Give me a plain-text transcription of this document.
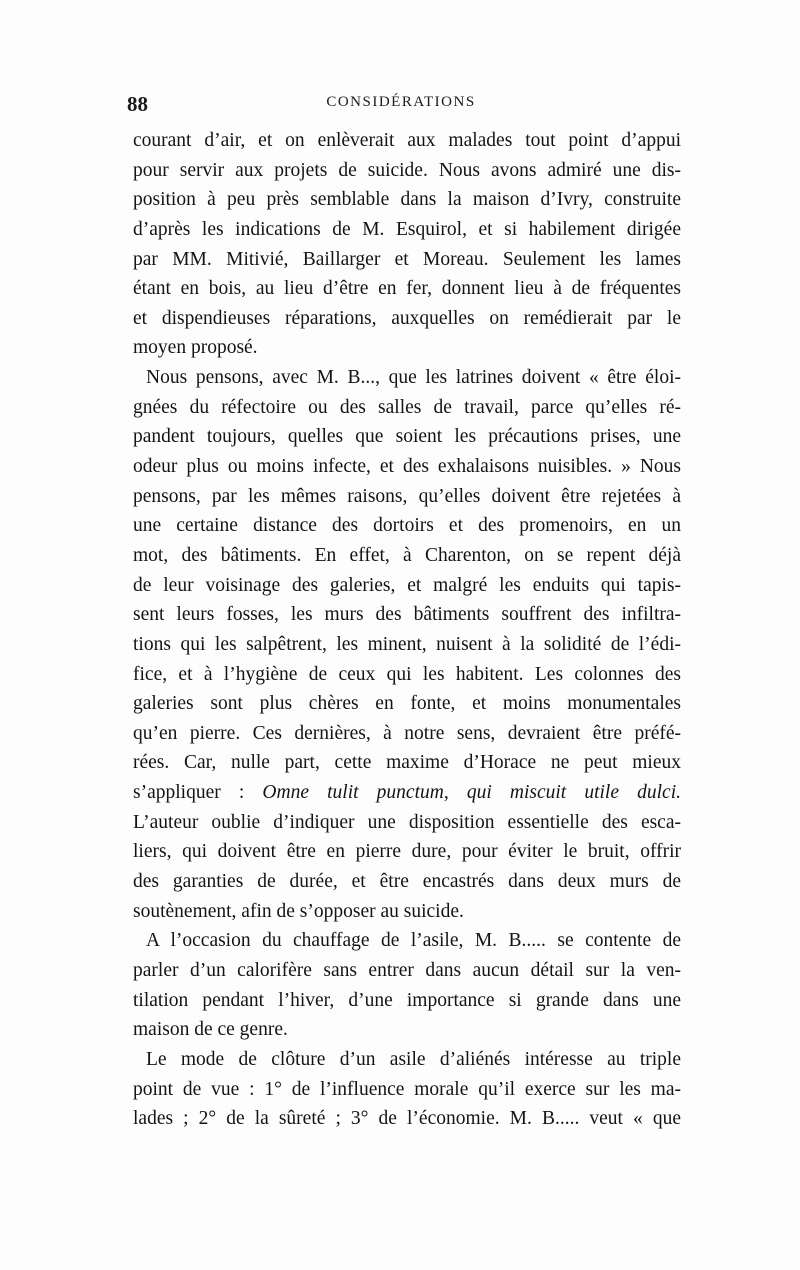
88	CONSIDÉRATIONS
courant d’air, et on enlèverait aux malades tout point d’appui
pour servir aux projets de suicide. Nous avons admiré une dis-
position à peu près semblable dans la maison d’Ivry, construite
d’après les indications de M. Esquirol, et si habilement dirigée
par MM. Mitivié, Baillarger et Moreau. Seulement les lames
étant en bois, au lieu d’être en fer, donnent lieu à de fréquentes
et dispendieuses réparations, auxquelles on remédierait par le
moyen proposé.
Nous pensons, avec M. B..., que les latrines doivent « être éloi-
gnées du réfectoire ou des salles de travail, parce qu’elles ré-
pandent toujours, quelles que soient les précautions prises, une
odeur plus ou moins infecte, et des exhalaisons nuisibles. » Nous
pensons, par les mêmes raisons, qu’elles doivent être rejetées à
une certaine distance des dortoirs et des promenoirs, en un
mot, des bâtiments. En effet, à Charenton, on se repent déjà
de leur voisinage des galeries, et malgré les enduits qui tapis-
sent leurs fosses, les murs des bâtiments souffrent des infiltra-
tions qui les salpêtrent, les minent, nuisent à la solidité de l’édi-
fice, et à l’hygiène de ceux qui les habitent. Les colonnes des
galeries sont plus chères en fonte, et moins monumentales
qu’en pierre. Ces dernières, à notre sens, devraient être préfé-
rées. Car, nulle part, cette maxime d’Horace ne peut mieux
s’appliquer : Omne tulit punctum, qui miscuit utile dulci.
L’auteur oublie d’indiquer une disposition essentielle des esca-
liers, qui doivent être en pierre dure, pour éviter le bruit, offrir
des garanties de durée, et être encastrés dans deux murs de
soutènement, afin de s’opposer au suicide.
A l’occasion du chauffage de l’asile, M. B..... se contente de
parler d’un calorifère sans entrer dans aucun détail sur la ven-
tilation pendant l’hiver, d’une importance si grande dans une
maison de ce genre.
Le mode de clôture d’un asile d’aliénés intéresse au triple
point de vue : 1° de l’influence morale qu’il exerce sur les ma-
lades ; 2° de la sûreté ; 3° de l’économie. M. B..... veut « que
